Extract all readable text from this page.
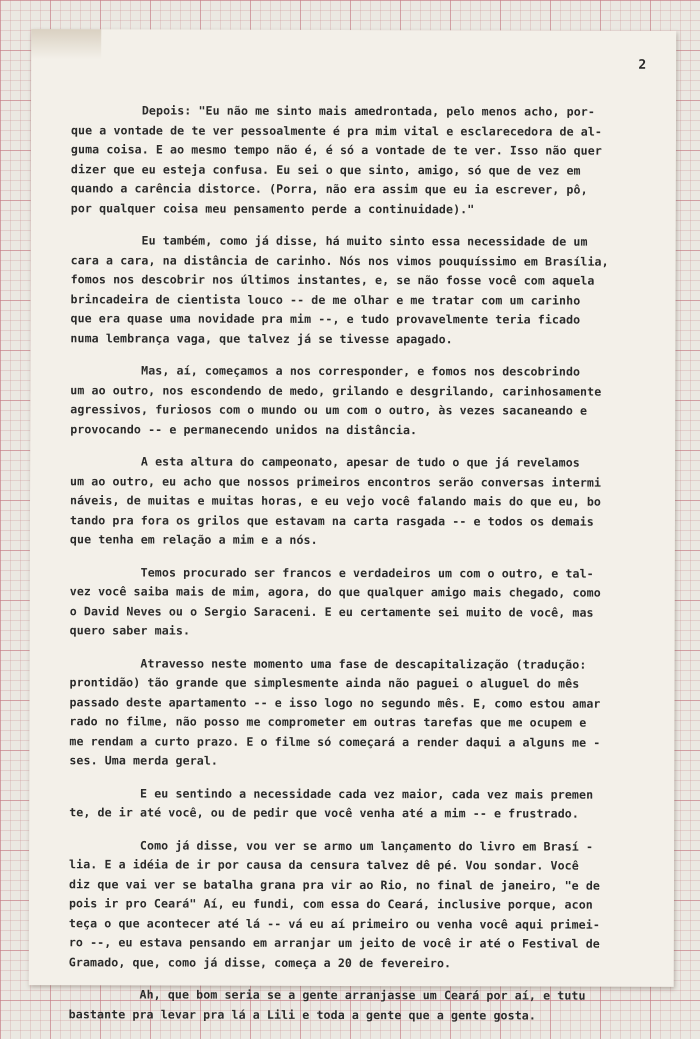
2
Depois: "Eu não me sinto mais amedrontada, pelo menos acho, por-
que a vontade de te ver pessoalmente é pra mim vital e esclarecedora de al-
guma coisa. E ao mesmo tempo não é, é só a vontade de te ver. Isso não quer
dizer que eu esteja confusa. Eu sei o que sinto, amigo, só que de vez em
quando a carência distorce. (Porra, não era assim que eu ia escrever, pô,
por qualquer coisa meu pensamento perde a continuidade)."
Eu também, como já disse, há muito sinto essa necessidade de um
cara a cara, na distância de carinho. Nós nos vimos pouquíssimo em Brasília,
fomos nos descobrir nos últimos instantes, e, se não fosse você com aquela
brincadeira de cientista louco -- de me olhar e me tratar com um carinho
que era quase uma novidade pra mim --, e tudo provavelmente teria ficado
numa lembrança vaga, que talvez já se tivesse apagado.
Mas, aí, começamos a nos corresponder, e fomos nos descobrindo
um ao outro, nos escondendo de medo, grilando e desgrilando, carinhosamente
agressivos, furiosos com o mundo ou um com o outro, às vezes sacaneando e
provocando -- e permanecendo unidos na distância.
A esta altura do campeonato, apesar de tudo o que já revelamos
um ao outro, eu acho que nossos primeiros encontros serão conversas intermi
náveis, de muitas e muitas horas, e eu vejo você falando mais do que eu, bo
tando pra fora os grilos que estavam na carta rasgada -- e todos os demais
que tenha em relação a mim e a nós.
Temos procurado ser francos e verdadeiros um com o outro, e tal-
vez você saiba mais de mim, agora, do que qualquer amigo mais chegado, como
o David Neves ou o Sergio Saraceni. E eu certamente sei muito de você, mas
quero saber mais.
Atravesso neste momento uma fase de descapitalização (tradução:
prontidão) tão grande que simplesmente ainda não paguei o aluguel do mês
passado deste apartamento -- e isso logo no segundo mês. E, como estou amar
rado no filme, não posso me comprometer em outras tarefas que me ocupem e
me rendam a curto prazo. E o filme só começará a render daqui a alguns me -
ses. Uma merda geral.
E eu sentindo a necessidade cada vez maior, cada vez mais premen
te, de ir até você, ou de pedir que você venha até a mim -- e frustrado.
Como já disse, vou ver se armo um lançamento do livro em Brasí -
lia. E a idéia de ir por causa da censura talvez dê pé. Vou sondar. Você
diz que vai ver se batalha grana pra vir ao Rio, no final de janeiro, "e de
pois ir pro Ceará" Aí, eu fundi, com essa do Ceará, inclusive porque, acon
teça o que acontecer até lá -- vá eu aí primeiro ou venha você aqui primei-
ro --, eu estava pensando em arranjar um jeito de você ir até o Festival de
Gramado, que, como já disse, começa a 20 de fevereiro.
Ah, que bom seria se a gente arranjasse um Ceará por aí, e tutu
bastante pra levar pra lá a Lili e toda a gente que a gente gosta.
